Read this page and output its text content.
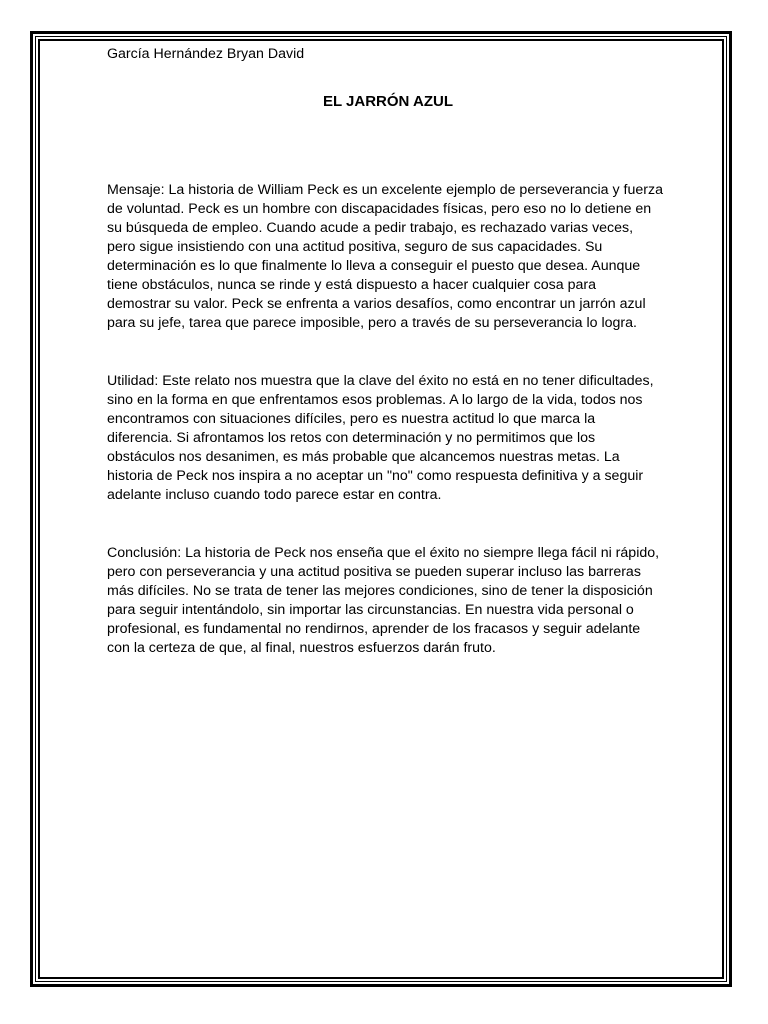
García Hernández Bryan David

EL JARRÓN AZUL

Mensaje: La historia de William Peck es un excelente ejemplo de perseverancia y fuerza de voluntad. Peck es un hombre con discapacidades físicas, pero eso no lo detiene en su búsqueda de empleo. Cuando acude a pedir trabajo, es rechazado varias veces, pero sigue insistiendo con una actitud positiva, seguro de sus capacidades. Su determinación es lo que finalmente lo lleva a conseguir el puesto que desea. Aunque tiene obstáculos, nunca se rinde y está dispuesto a hacer cualquier cosa para demostrar su valor. Peck se enfrenta a varios desafíos, como encontrar un jarrón azul para su jefe, tarea que parece imposible, pero a través de su perseverancia lo logra.

Utilidad: Este relato nos muestra que la clave del éxito no está en no tener dificultades, sino en la forma en que enfrentamos esos problemas. A lo largo de la vida, todos nos encontramos con situaciones difíciles, pero es nuestra actitud lo que marca la diferencia. Si afrontamos los retos con determinación y no permitimos que los obstáculos nos desanimen, es más probable que alcancemos nuestras metas. La historia de Peck nos inspira a no aceptar un "no" como respuesta definitiva y a seguir adelante incluso cuando todo parece estar en contra.

Conclusión: La historia de Peck nos enseña que el éxito no siempre llega fácil ni rápido, pero con perseverancia y una actitud positiva se pueden superar incluso las barreras más difíciles. No se trata de tener las mejores condiciones, sino de tener la disposición para seguir intentándolo, sin importar las circunstancias. En nuestra vida personal o profesional, es fundamental no rendirnos, aprender de los fracasos y seguir adelante con la certeza de que, al final, nuestros esfuerzos darán fruto.
